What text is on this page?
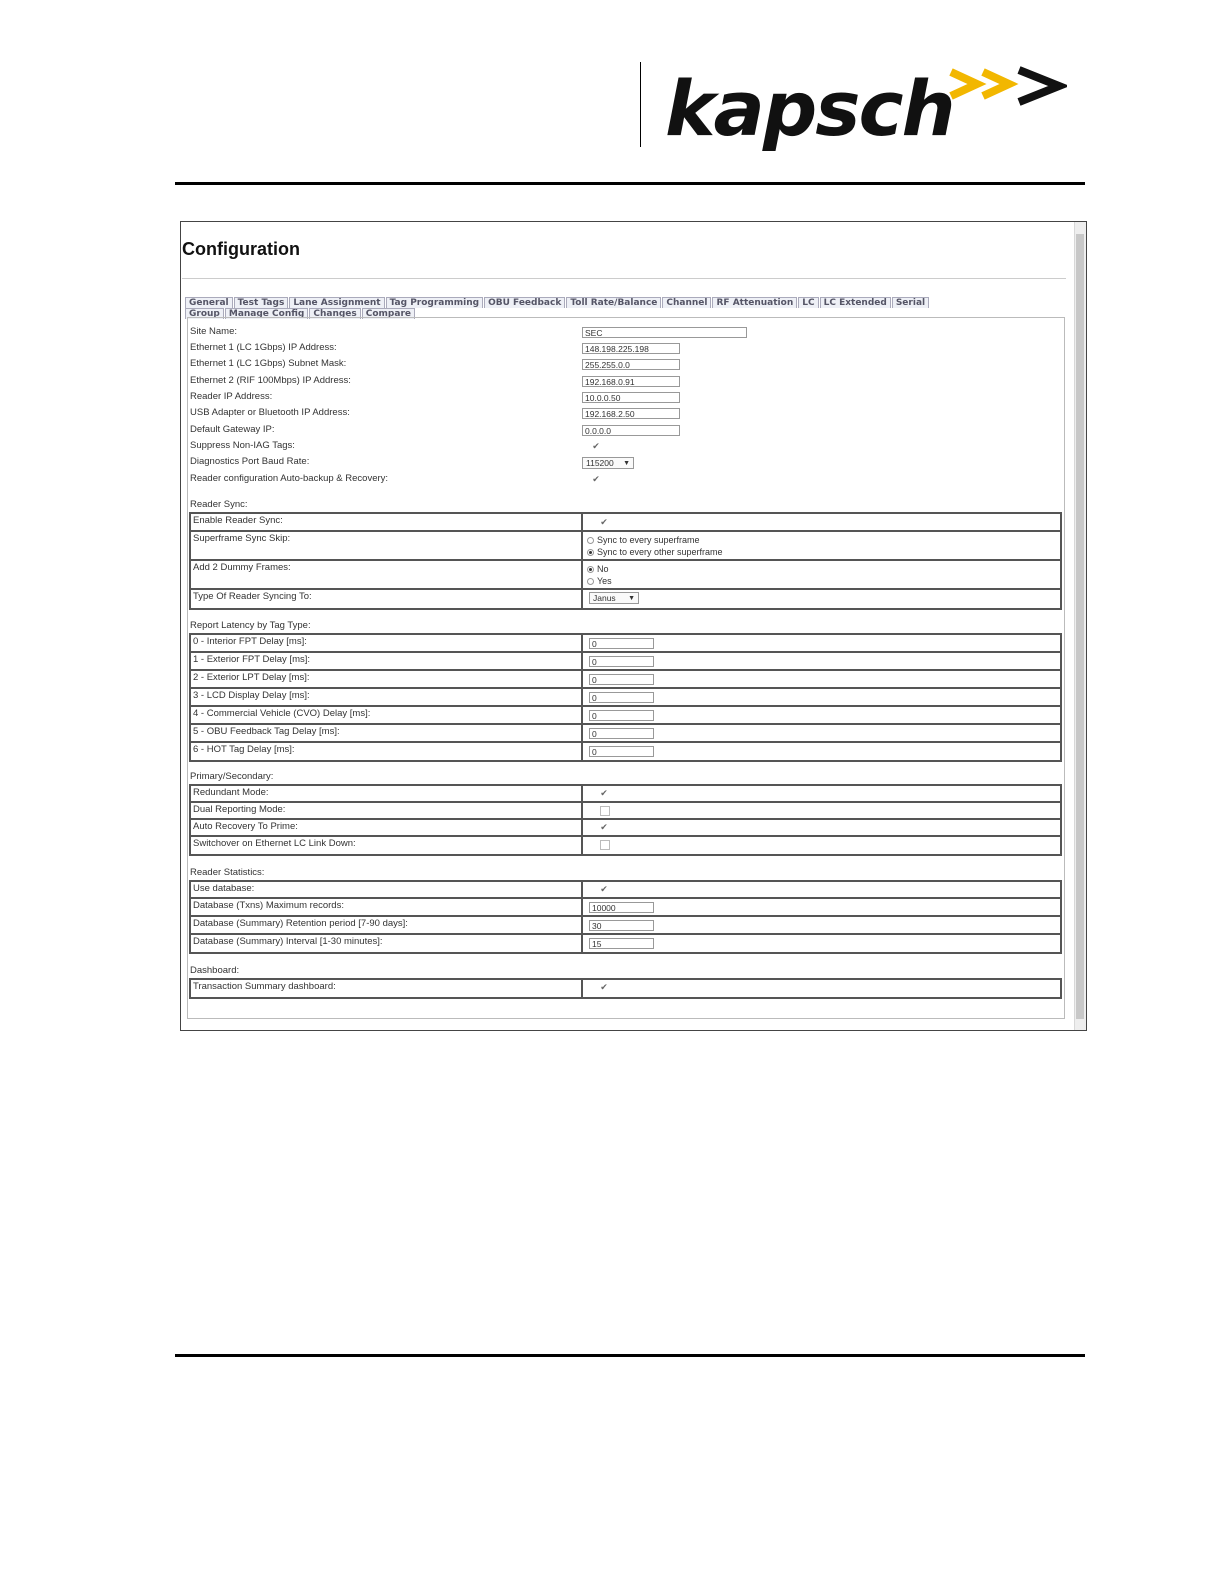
kapsch
Configuration
General Test Tags Lane Assignment Tag Programming OBU Feedback Toll Rate/Balance Channel RF Attenuation LC LC Extended SerialGroup Manage Config Changes Compare
Site Name:	SEC
Ethernet 1 (LC 1Gbps) IP Address:	148.198.225.198
Ethernet 1 (LC 1Gbps) Subnet Mask:	255.255.0.0
Ethernet 2 (RIF 100Mbps) IP Address:	192.168.0.91
Reader IP Address:	10.0.0.50
USB Adapter or Bluetooth IP Address:	192.168.2.50
Default Gateway IP:	0.0.0.0
Suppress Non-IAG Tags:	✔
Diagnostics Port Baud Rate:	115200 ▼
Reader configuration Auto-backup & Recovery:	✔
Reader Sync:
Enable Reader Sync:	✔
Superframe Sync Skip:	Sync to every superframe
Sync to every other superframe
Add 2 Dummy Frames:	No
Yes
Type Of Reader Syncing To:	Janus ▼
Report Latency by Tag Type:
0 - Interior FPT Delay [ms]:	0
1 - Exterior FPT Delay [ms]:	0
2 - Exterior LPT Delay [ms]:	0
3 - LCD Display Delay [ms]:	0
4 - Commercial Vehicle (CVO) Delay [ms]:	0
5 - OBU Feedback Tag Delay [ms]:	0
6 - HOT Tag Delay [ms]:	0
Primary/Secondary:
Redundant Mode:	✔
Dual Reporting Mode:
Auto Recovery To Prime:	✔
Switchover on Ethernet LC Link Down:
Reader Statistics:
Use database:	✔
Database (Txns) Maximum records:	10000
Database (Summary) Retention period [7-90 days]:	30
Database (Summary) Interval [1-30 minutes]:	15
Dashboard:
Transaction Summary dashboard:	✔
